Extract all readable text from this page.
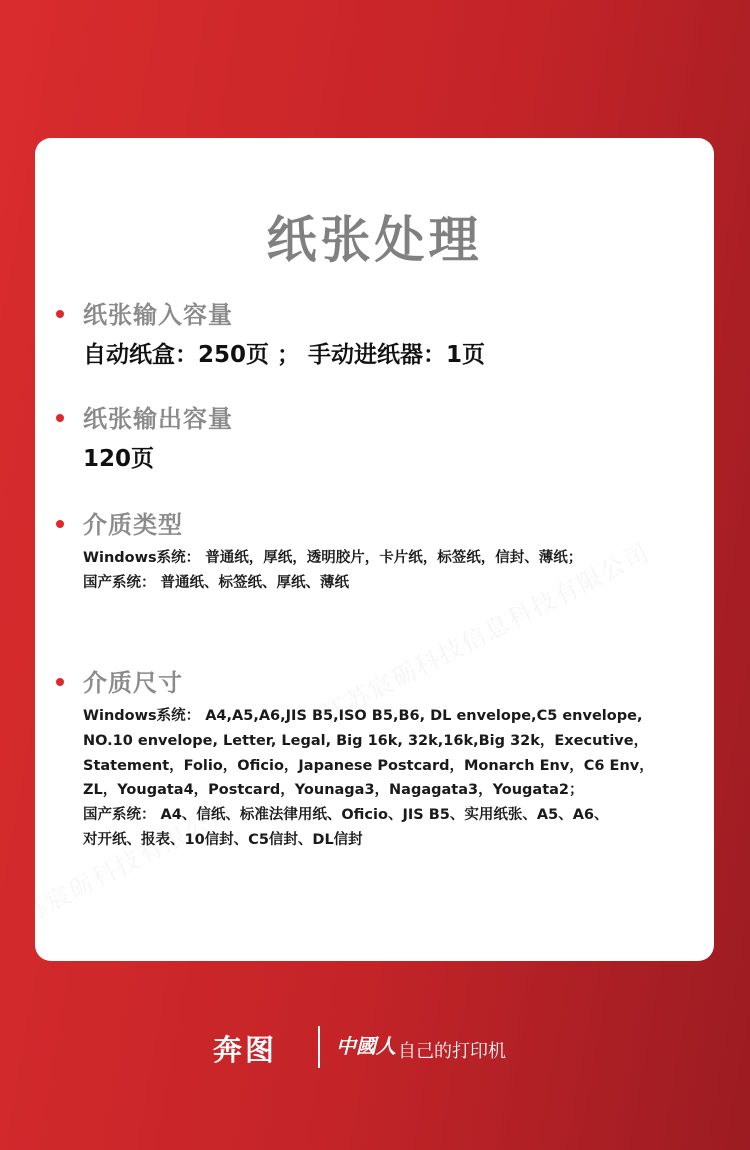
纸张处理
纸张输入容量
自动纸盒：250页 ； 手动进纸器：1页
纸张输出容量
120页
介质类型
Windows系统： 普通纸，厚纸，透明胶片，卡片纸，标签纸，信封、薄纸；
国产系统： 普通纸、标签纸、厚纸、薄纸
介质尺寸
Windows系统： A4,A5,A6,JIS B5,ISO B5,B6, DL envelope,C5 envelope,
NO.10 envelope, Letter, Legal, Big 16k, 32k,16k,Big 32k，Executive，
Statement，Folio，Oficio，Japanese Postcard，Monarch Env，C6 Env，
ZL，Yougata4，Postcard，Younaga3，Nagagata3，Yougata2；
国产系统： A4、信纸、标准法律用纸、Oficio、JIS B5、实用纸张、A5、A6、
对开纸、报表、10信封、C5信封、DL信封
奔图	中國人 自己的打印机
